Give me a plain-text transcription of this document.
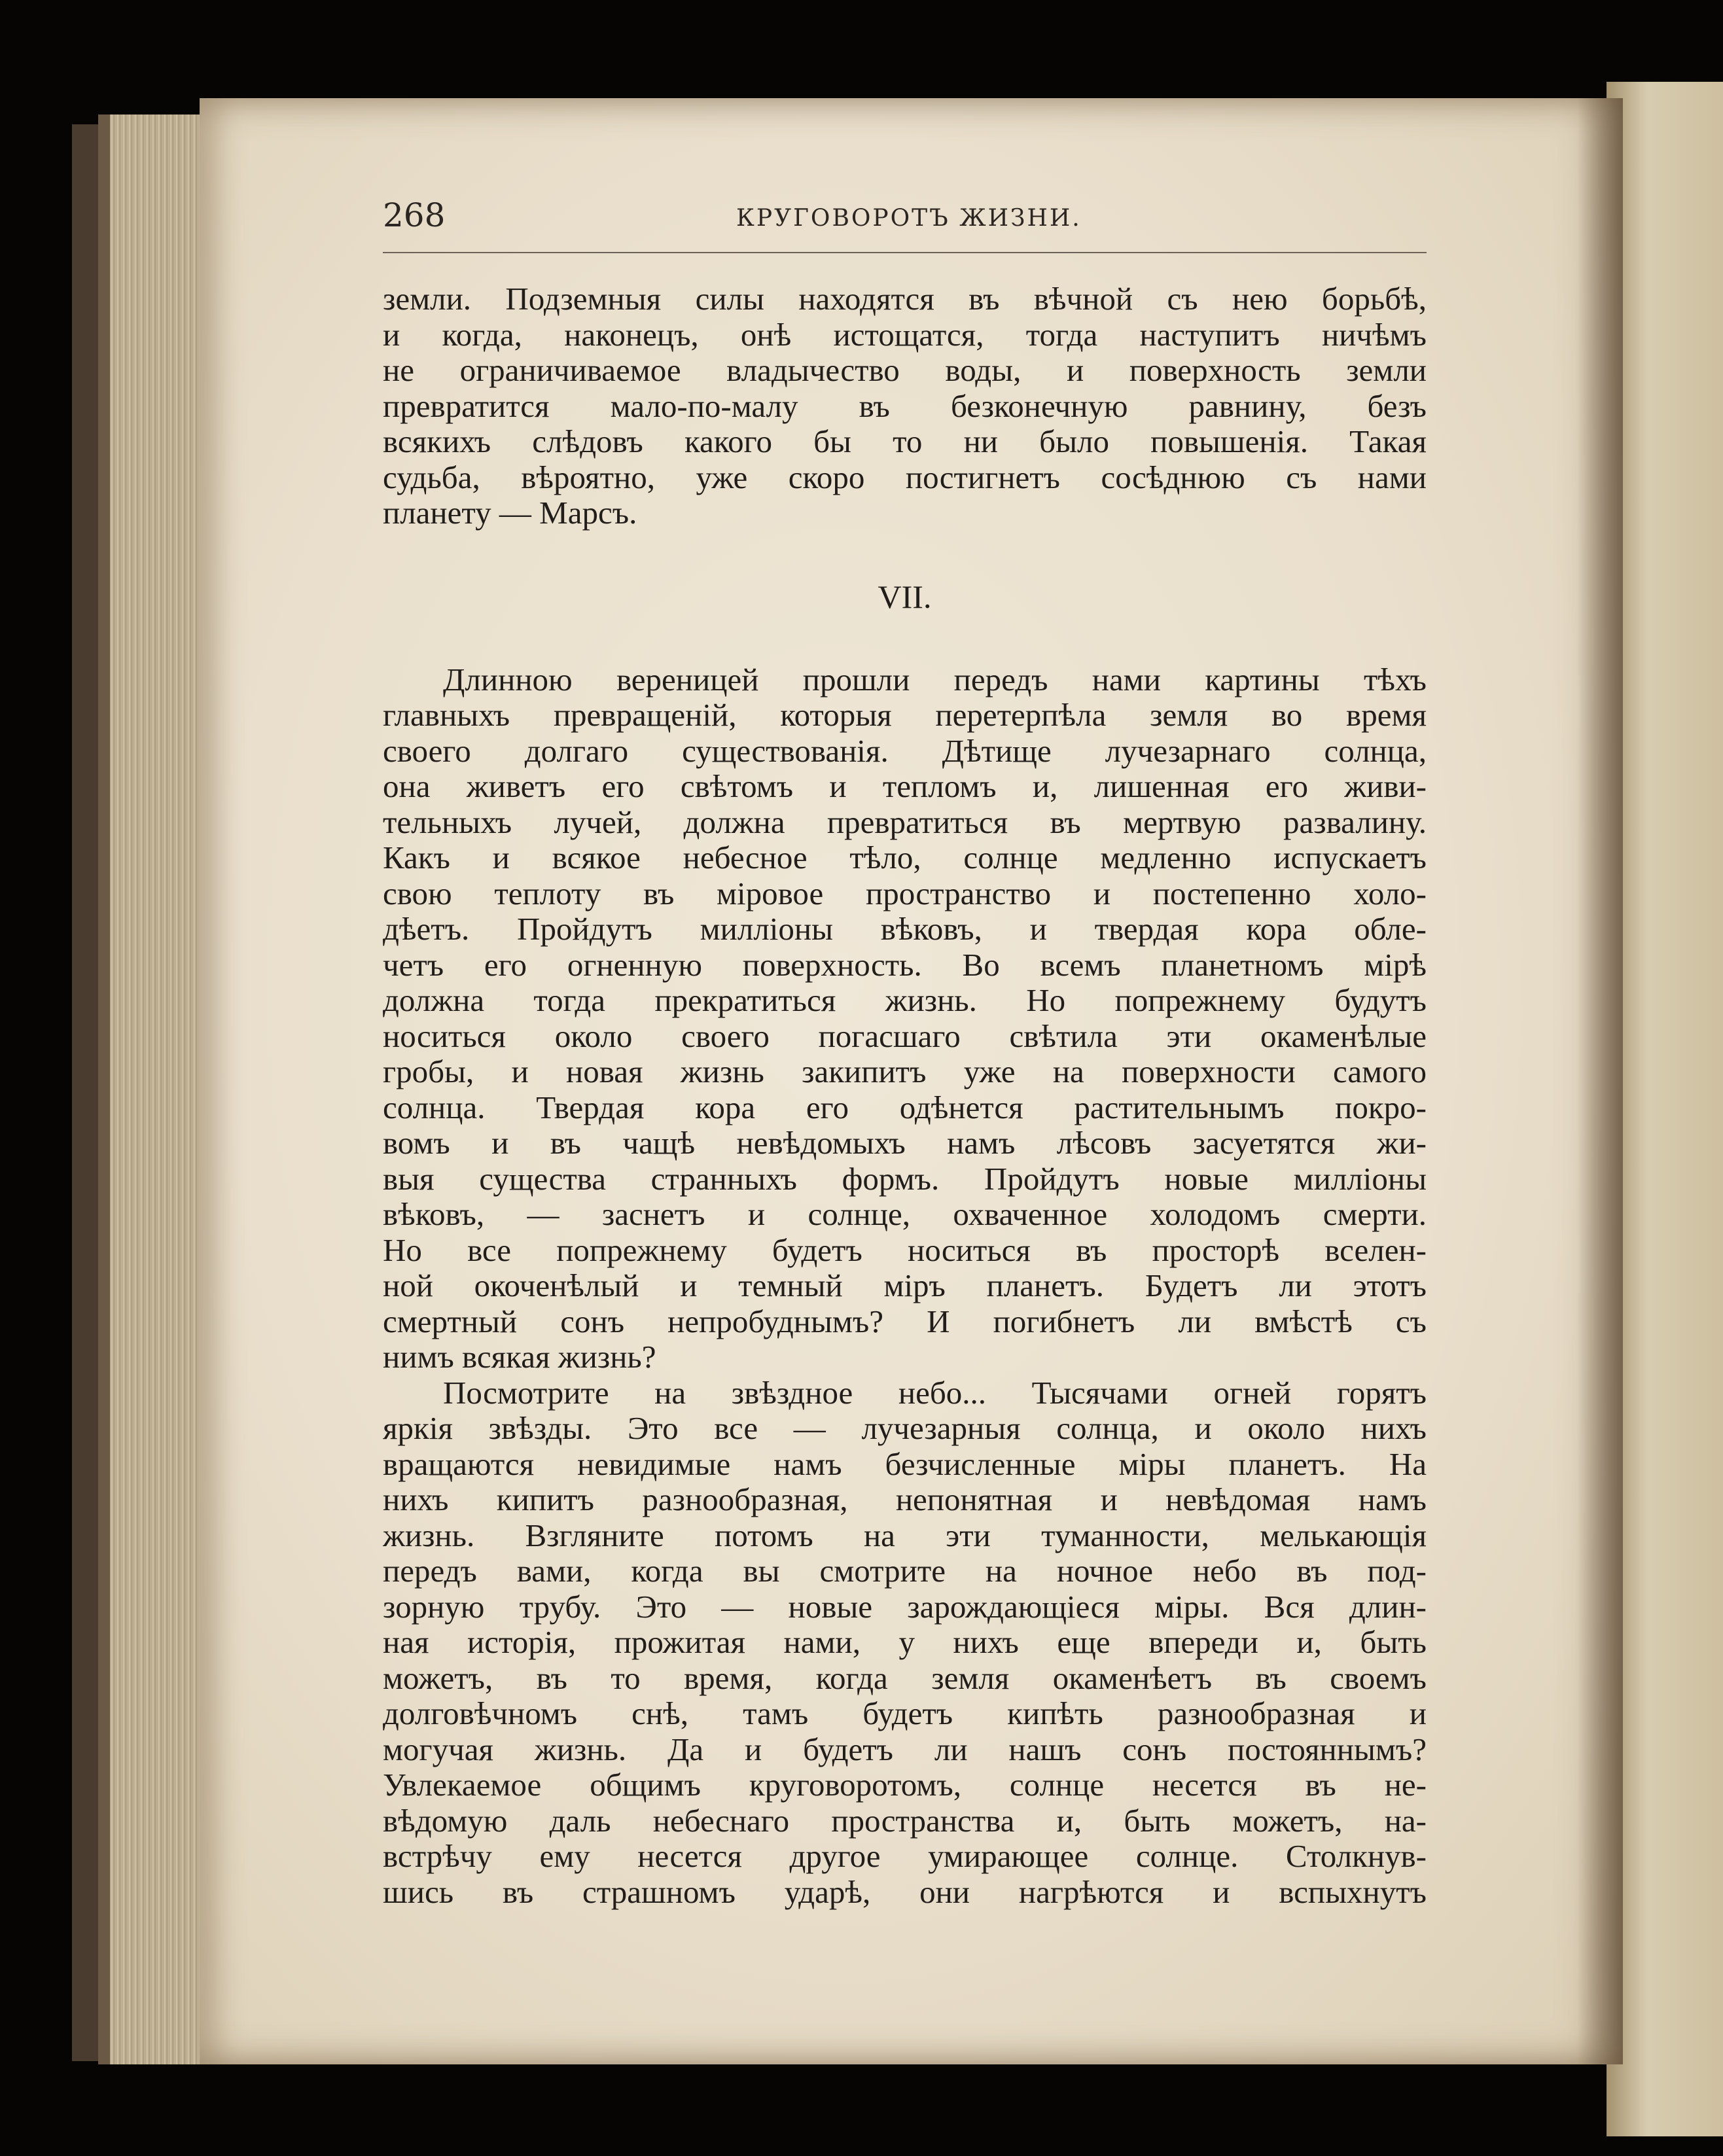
268	КРУГОВОРОТЪ ЖИЗНИ.
земли. Подземныя силы находятся въ вѣчной съ нею борьбѣ,
и когда, наконецъ, онѣ истощатся, тогда наступитъ ничѣмъ
не ограничиваемое владычество воды, и поверхность земли
превратится мало-по-малу въ безконечную равнину, безъ
всякихъ слѣдовъ какого бы то ни было повышенія. Такая
судьба, вѣроятно, уже скоро постигнетъ сосѣднюю съ нами
планету — Марсъ.
VII.
Длинною вереницей прошли передъ нами картины тѣхъ
главныхъ превращеній, которыя перетерпѣла земля во время
своего долгаго существованія. Дѣтище лучезарнаго солнца,
она живетъ его свѣтомъ и тепломъ и, лишенная его живи-
тельныхъ лучей, должна превратиться въ мертвую развалину.
Какъ и всякое небесное тѣло, солнце медленно испускаетъ
свою теплоту въ міровое пространство и постепенно холо-
дѣетъ. Пройдутъ милліоны вѣковъ, и твердая кора обле-
четъ его огненную поверхность. Во всемъ планетномъ мірѣ
должна тогда прекратиться жизнь. Но попрежнему будутъ
носиться около своего погасшаго свѣтила эти окаменѣлые
гробы, и новая жизнь закипитъ уже на поверхности самого
солнца. Твердая кора его одѣнется растительнымъ покро-
вомъ и въ чащѣ невѣдомыхъ намъ лѣсовъ засуетятся жи-
выя существа странныхъ формъ. Пройдутъ новые милліоны
вѣковъ, — заснетъ и солнце, охваченное холодомъ смерти.
Но все попрежнему будетъ носиться въ просторѣ вселен-
ной окоченѣлый и темный міръ планетъ. Будетъ ли этотъ
смертный сонъ непробуднымъ? И погибнетъ ли вмѣстѣ съ
нимъ всякая жизнь?
Посмотрите на звѣздное небо... Тысячами огней горятъ
яркія звѣзды. Это все — лучезарныя солнца, и около нихъ
вращаются невидимые намъ безчисленные міры планетъ. На
нихъ кипитъ разнообразная, непонятная и невѣдомая намъ
жизнь. Взгляните потомъ на эти туманности, мелькающія
передъ вами, когда вы смотрите на ночное небо въ под-
зорную трубу. Это — новые зарождающіеся міры. Вся длин-
ная исторія, прожитая нами, у нихъ еще впереди и, быть
можетъ, въ то время, когда земля окаменѣетъ въ своемъ
долговѣчномъ снѣ, тамъ будетъ кипѣть разнообразная и
могучая жизнь. Да и будетъ ли нашъ сонъ постояннымъ?
Увлекаемое общимъ круговоротомъ, солнце несется въ не-
вѣдомую даль небеснаго пространства и, быть можетъ, на-
встрѣчу ему несется другое умирающее солнце. Столкнув-
шись въ страшномъ ударѣ, они нагрѣются и вспыхнутъ
